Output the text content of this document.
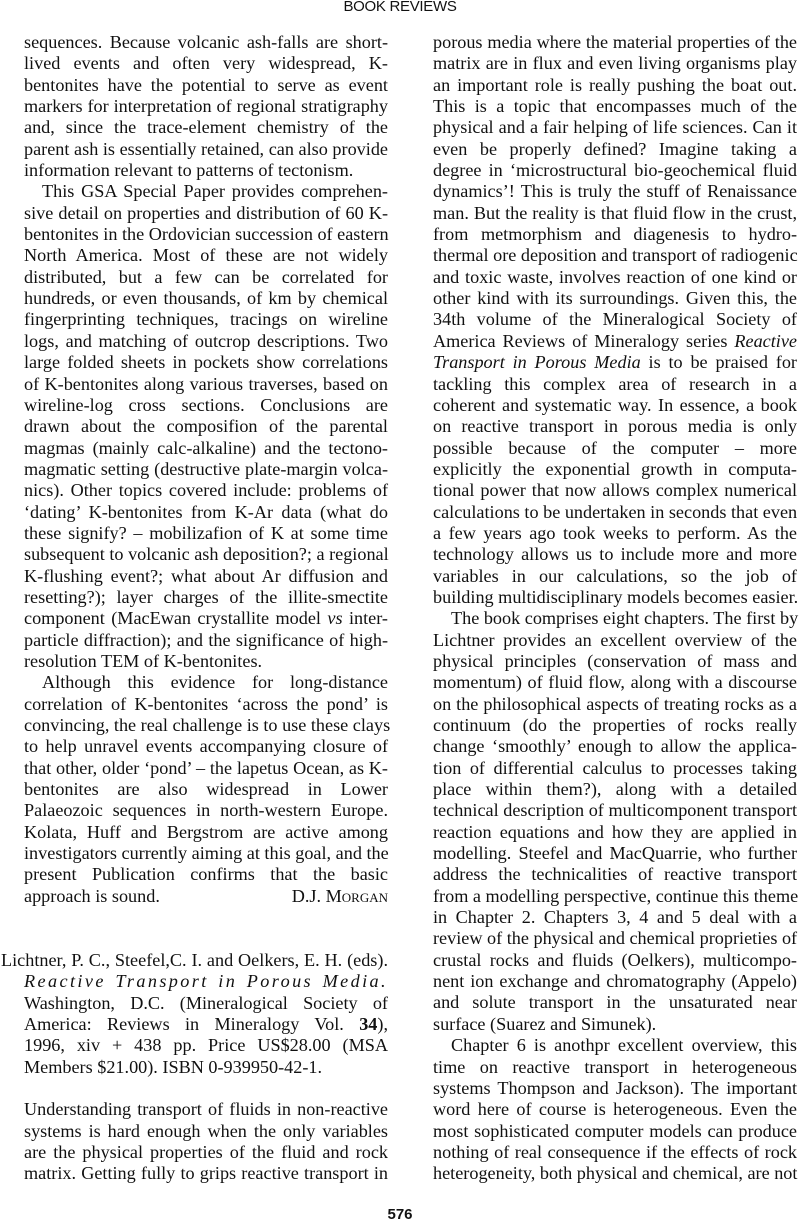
BOOK REVIEWS

sequences. Because volcanic ash-falls are short-
lived events and often very widespread, K-
bentonites have the potential to serve as event
markers for interpretation of regional stratigraphy
and, since the trace-element chemistry of the
parent ash is essentially retained, can also provide
information relevant to patterns of tectonism.

This GSA Special Paper provides comprehen-
sive detail on properties and distribution of 60 K-
bentonites in the Ordovician succession of eastern
North America. Most of these are not widely
distributed, but a few can be correlated for
hundreds, or even thousands, of km by chemical
fingerprinting techniques, tracings on wireline
logs, and matching of outcrop descriptions. Two
large folded sheets in pockets show correlations
of K-bentonites along various traverses, based on
wireline-log cross sections. Conclusions are
drawn about the composifion of the parental
magmas (mainly calc-alkaline) and the tectono-
magmatic setting (destructive plate-margin volca-
nics). Other topics covered include: problems of
‘dating’ K-bentonites from K-Ar data (what do
these signify? – mobilizafion of K at some time
subsequent to volcanic ash deposition?; a regional
K-flushing event?; what about Ar diffusion and
resetting?); layer charges of the illite-smectite
component (MacEwan crystallite model vs inter-
particle diffraction); and the significance of high-
resolution TEM of K-bentonites.

Although this evidence for long-distance
correlation of K-bentonites ‘across the pond’ is
convincing, the real challenge is to use these clays
to help unravel events accompanying closure of
that other, older ‘pond’ – the lapetus Ocean, as K-
bentonites are also widespread in Lower
Palaeozoic sequences in north-western Europe.
Kolata, Huff and Bergstrom are active among
investigators currently aiming at this goal, and the
present Publication confirms that the basic
approach is sound.	D.J. Morgan

Lichtner, P. C., Steefel,C. I. and Oelkers, E. H. (eds).
Reactive Transport in Porous Media.
Washington, D.C. (Mineralogical Society of
America: Reviews in Mineralogy Vol. 34),
1996, xiv + 438 pp. Price US$28.00 (MSA
Members $21.00). ISBN 0-939950-42-1.

Understanding transport of fluids in non-reactive
systems is hard enough when the only variables
are the physical properties of the fluid and rock
matrix. Getting fully to grips reactive transport in

porous media where the material properties of the
matrix are in flux and even living organisms play
an important role is really pushing the boat out.
This is a topic that encompasses much of the
physical and a fair helping of life sciences. Can it
even be properly defined? Imagine taking a
degree in ‘microstructural bio-geochemical fluid
dynamics’! This is truly the stuff of Renaissance
man. But the reality is that fluid flow in the crust,
from metmorphism and diagenesis to hydro-
thermal ore deposition and transport of radiogenic
and toxic waste, involves reaction of one kind or
other kind with its surroundings. Given this, the
34th volume of the Mineralogical Society of
America Reviews of Mineralogy series Reactive
Transport in Porous Media is to be praised for
tackling this complex area of research in a
coherent and systematic way. In essence, a book
on reactive transport in porous media is only
possible because of the computer – more
explicitly the exponential growth in computa-
tional power that now allows complex numerical
calculations to be undertaken in seconds that even
a few years ago took weeks to perform. As the
technology allows us to include more and more
variables in our calculations, so the job of
building multidisciplinary models becomes easier.

The book comprises eight chapters. The first by
Lichtner provides an excellent overview of the
physical principles (conservation of mass and
momentum) of fluid flow, along with a discourse
on the philosophical aspects of treating rocks as a
continuum (do the properties of rocks really
change ‘smoothly’ enough to allow the applica-
tion of differential calculus to processes taking
place within them?), along with a detailed
technical description of multicomponent transport
reaction equations and how they are applied in
modelling. Steefel and MacQuarrie, who further
address the technicalities of reactive transport
from a modelling perspective, continue this theme
in Chapter 2. Chapters 3, 4 and 5 deal with a
review of the physical and chemical proprieties of
crustal rocks and fluids (Oelkers), multicompo-
nent ion exchange and chromatography (Appelo)
and solute transport in the unsaturated near
surface (Suarez and Simunek).

Chapter 6 is anothpr excellent overview, this
time on reactive transport in heterogeneous
systems Thompson and Jackson). The important
word here of course is heterogeneous. Even the
most sophisticated computer models can produce
nothing of real consequence if the effects of rock
heterogeneity, both physical and chemical, are not

576
